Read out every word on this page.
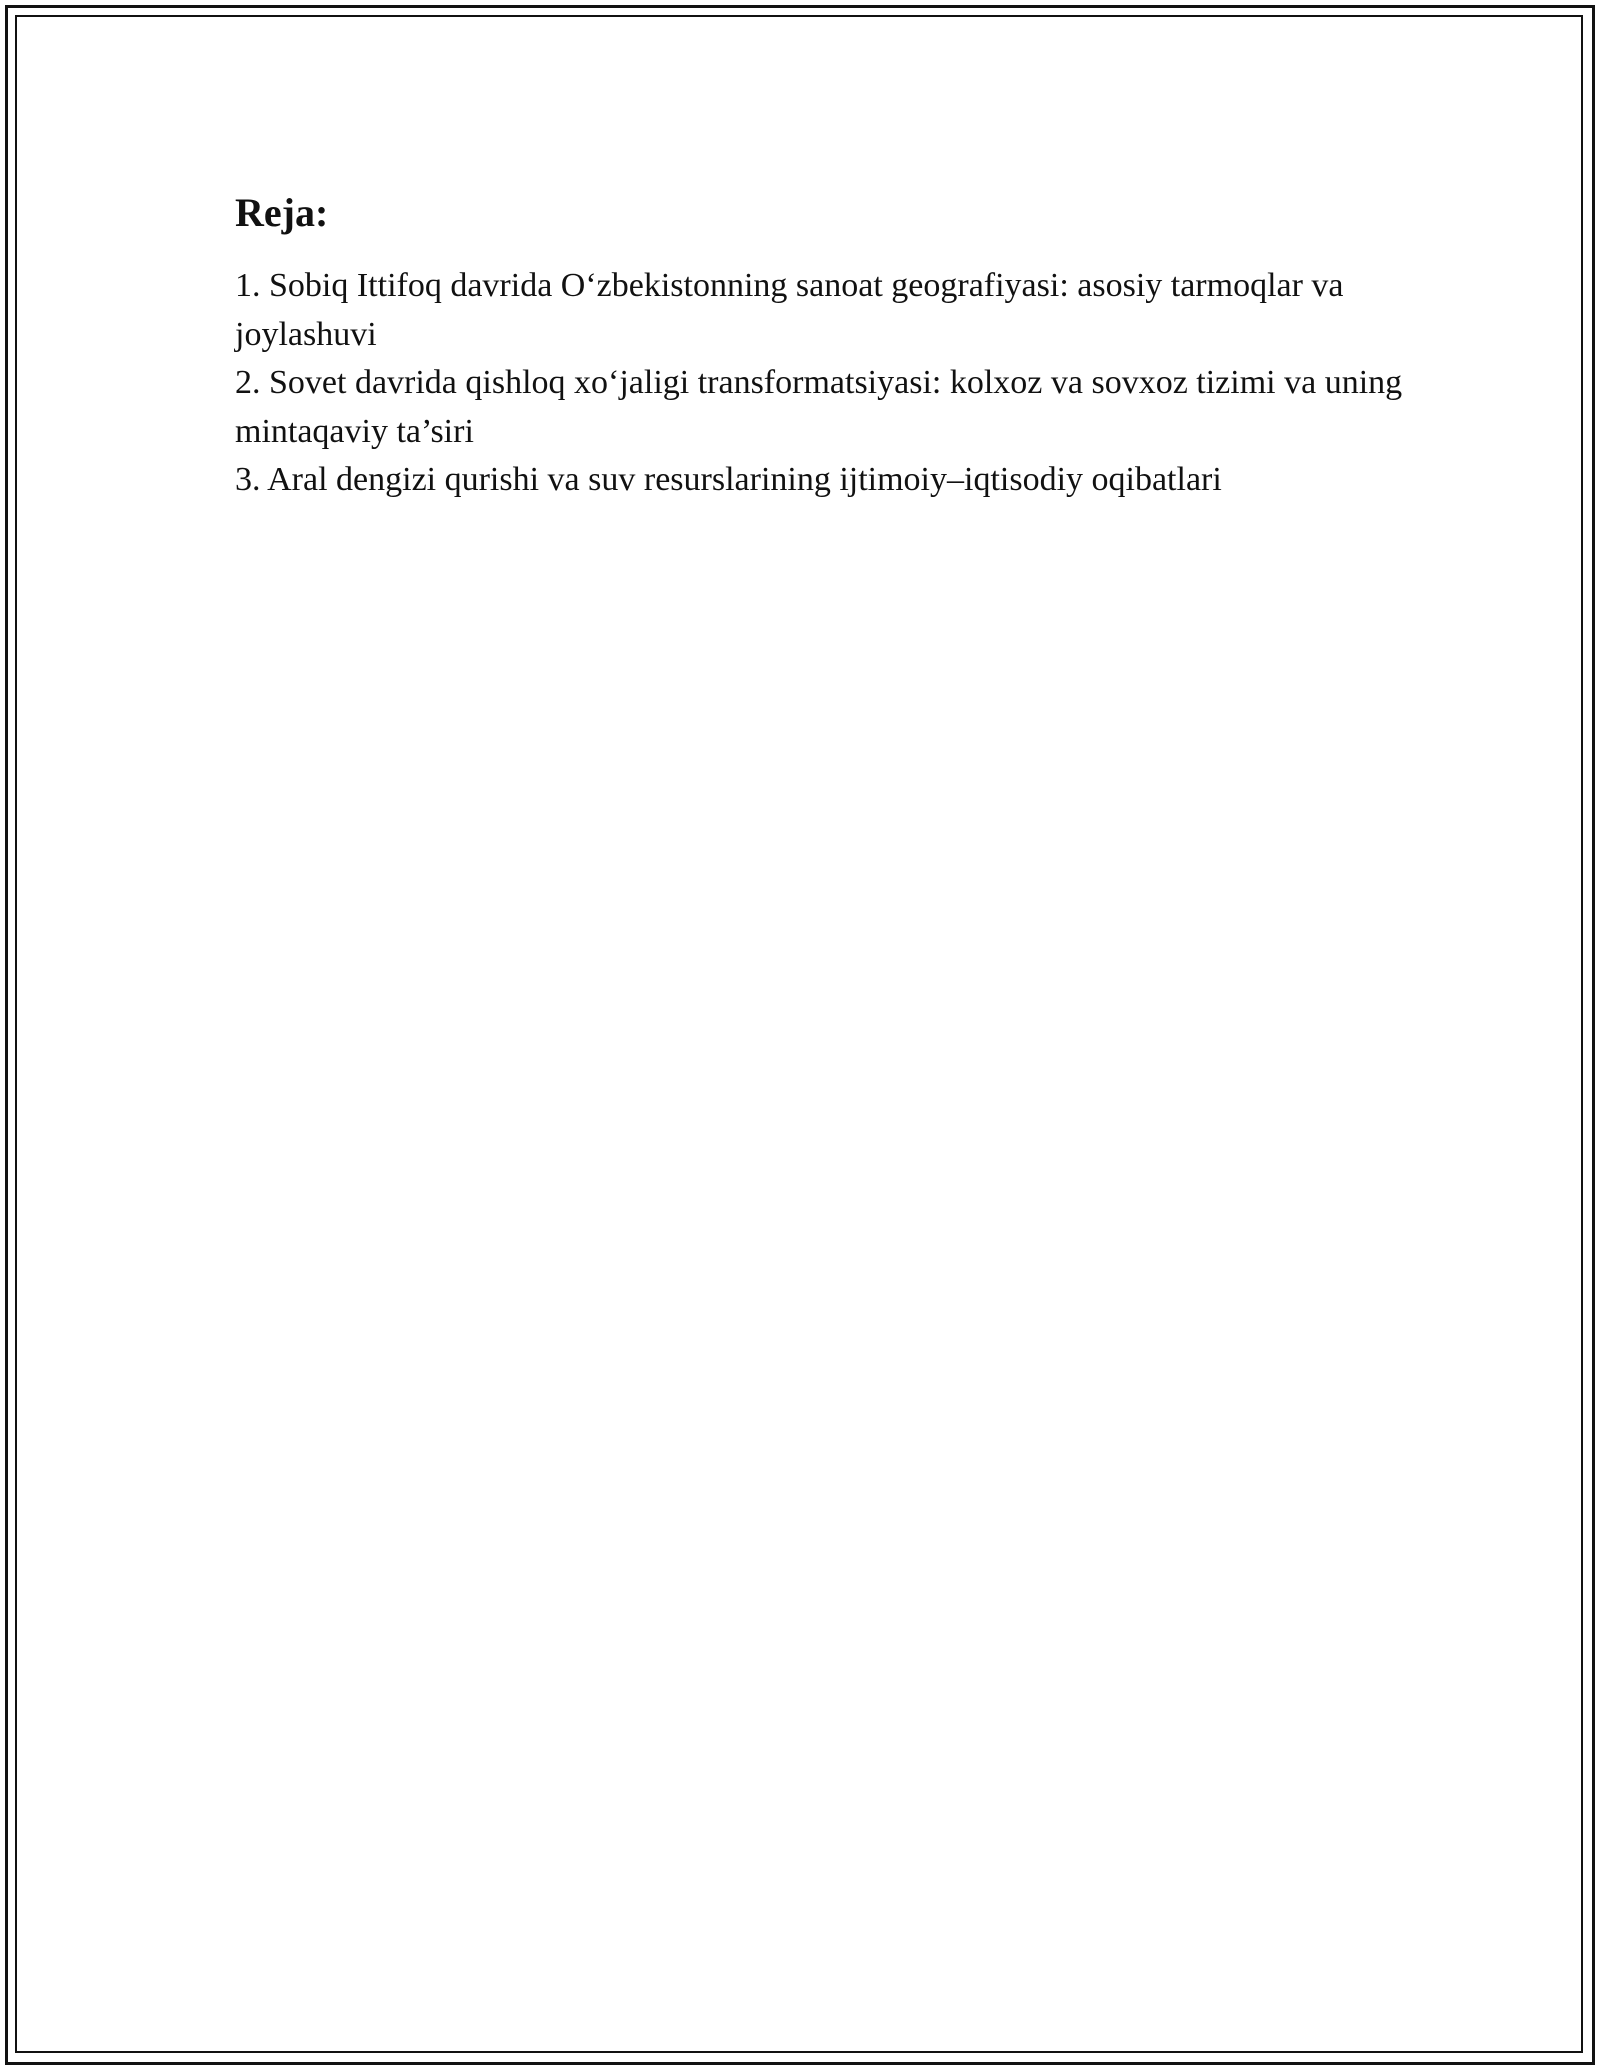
Reja:
1. Sobiq Ittifoq davrida O‘zbekistonning sanoat geografiyasi: asosiy tarmoqlar va joylashuvi
2. Sovet davrida qishloq xo‘jaligi transformatsiyasi: kolxoz va sovxoz tizimi va uning mintaqaviy ta’siri
3. Aral dengizi qurishi va suv resurslarining ijtimoiy–iqtisodiy oqibatlari
